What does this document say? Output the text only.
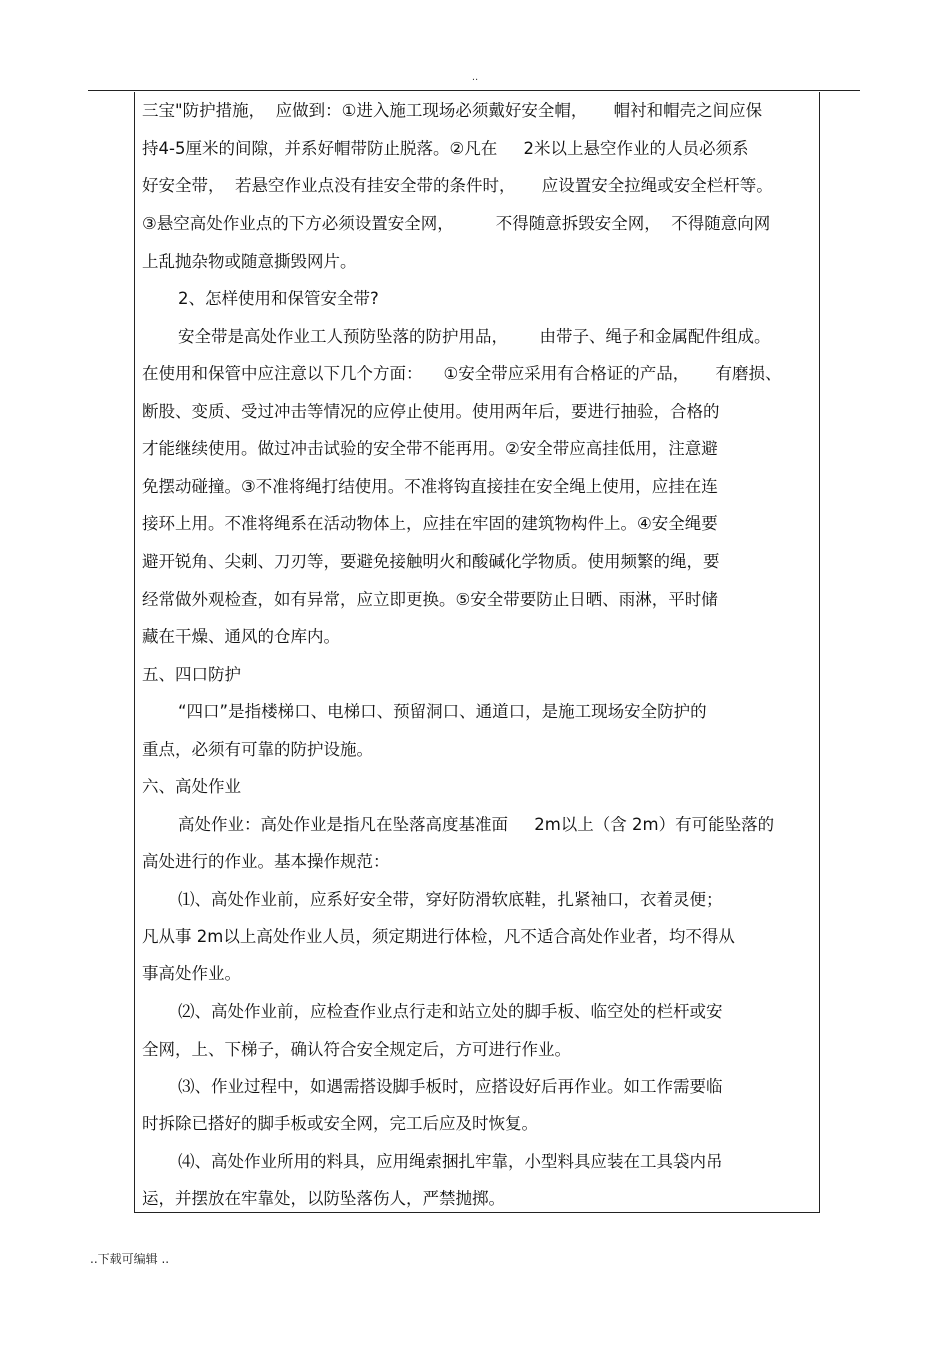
..
三宝"防护措施，  应做到：①进入施工现场必须戴好安全帽，     帽衬和帽壳之间应保
持4-5厘米的间隙，并系好帽带防止脱落。②凡在     2米以上悬空作业的人员必须系
好安全带，  若悬空作业点没有挂安全带的条件时，     应设置安全拉绳或安全栏杆等。
③悬空高处作业点的下方必须设置安全网，        不得随意拆毁安全网，  不得随意向网
上乱抛杂物或随意撕毁网片。
2、怎样使用和保管安全带?
安全带是高处作业工人预防坠落的防护用品，      由带子、绳子和金属配件组成。
在使用和保管中应注意以下几个方面：    ①安全带应采用有合格证的产品，     有磨损、
断股、变质、受过冲击等情况的应停止使用。使用两年后，要进行抽验，合格的
才能继续使用。做过冲击试验的安全带不能再用。②安全带应高挂低用，注意避
免摆动碰撞。③不准将绳打结使用。不准将钩直接挂在安全绳上使用，应挂在连
接环上用。不准将绳系在活动物体上，应挂在牢固的建筑物构件上。④安全绳要
避开锐角、尖刺、刀刃等，要避免接触明火和酸碱化学物质。使用频繁的绳，要
经常做外观检查，如有异常，应立即更换。⑤安全带要防止日晒、雨淋，平时储
藏在干燥、通风的仓库内。
五、四口防护
“四口”是指楼梯口、电梯口、预留洞口、通道口，是施工现场安全防护的
重点，必须有可靠的防护设施。
六、高处作业
高处作业：高处作业是指凡在坠落高度基准面     2m以上（含 2m）有可能坠落的
高处进行的作业。基本操作规范：
⑴、高处作业前，应系好安全带，穿好防滑软底鞋，扎紧袖口，衣着灵便；
凡从事 2m以上高处作业人员，须定期进行体检，凡不适合高处作业者，均不得从
事高处作业。
⑵、高处作业前，应检查作业点行走和站立处的脚手板、临空处的栏杆或安
全网，上、下梯子，确认符合安全规定后，方可进行作业。
⑶、作业过程中，如遇需搭设脚手板时，应搭设好后再作业。如工作需要临
时拆除已搭好的脚手板或安全网，完工后应及时恢复。
⑷、高处作业所用的料具，应用绳索捆扎牢靠，小型料具应装在工具袋内吊
运，并摆放在牢靠处，以防坠落伤人，严禁抛掷。
..下载可编辑 ..
